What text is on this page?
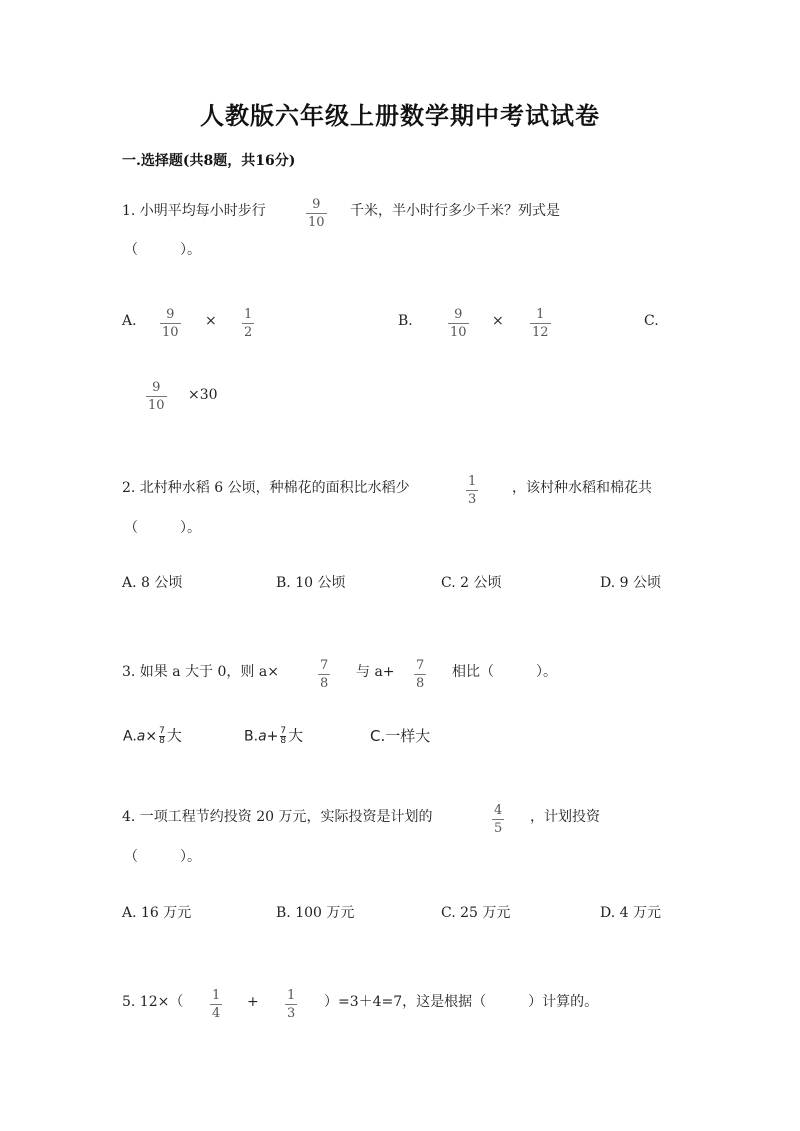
人教版六年级上册数学期中考试试卷
一.选择题(共8题，共16分)
1. 小明平均每小时步行	9
10
千米，半小时行多少千米？列式是
（　　　）。
A. 9
10
× 1
2
B.	9
10
× 1
12
C.
9
10
×30
2. 北村种水稻 6 公顷，种棉花的面积比水稻少	1
3
，该村种水稻和棉花共
（　　　）。
A. 8 公顷	B. 10 公顷	C. 2 公顷	D. 9 公顷
3. 如果 a 大于 0，则 a×	7
8
与 a+ 7
8
相比（　　　）。
$A.a\times \frac{7}{8}$ 大	$B.a+ \frac{7}{8}$ 大	C.一样大
4. 一项工程节约投资 20 万元，实际投资是计划的	4
5
，计划投资
（　　　）。
A. 16 万元	B. 100 万元	C. 25 万元	D. 4 万元
5. 12×（ 1
4
+ 1
3
）=3＋4=7，这是根据（　　　）计算的。
